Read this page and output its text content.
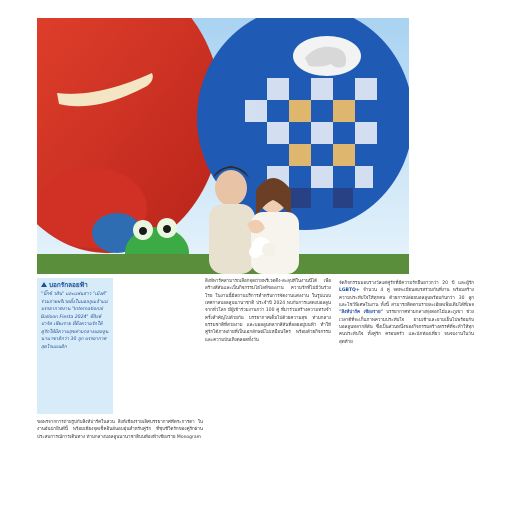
บอกรักลอยฟ้า

"บิ๊กซ์ วศิน" และแฟนสาว "เม้งค์" ร่วมถ่ายพรีเวดดิ้งในบอลลูนเจ้าแม่ บรรยากาศงาน "International Balloon Fiesta 2024" ที่สิงห์ปาร์ค เชียงราย ที่ดึงความรักให้คู่รักให้มีความสุขท่ามกลางบอลลูนนานาชาติกว่า 30 ลูก บรรยากาศสุดโรแมนติก

ขอพรจากการถ่ายรูปกับสิงห์ปาร์คในสวน สิงห์เชียงรายเลิศบรรยากาศที่ตระการตา ในงานอันน่ายินดีนี้ พร้อมเพียงจุดเช็คอินอันอบอุ่นสำหรับคู่รัก ที่ชุบชีวิตรักของคู่รักผ่านประสบการณ์การเดินทาง ท่ามกลางบอลลูนนานาชาติบนท้องฟ้าเชียงราย Monogram

สิงห์พาร์คสามารถเลือกจุดถ่ายพรีเวดดิ้ง-สะลุปที่ในงานนี้ได้ เพื่อสร้างสีสันและเป็นกิจกรรมไฮไลท์ของงาน ความรักที่ไม่มีวันร่วงโรย ในงานนี้มีสถานบริการสำหรับการจัดงานแต่งงาน ในรูปแบบเทศกาลบอลลูนนานาชาติ ประจำปี 2024 พบกับการแสดงบอลลูนจากทั่วโลก มีผู้เข้าร่วมงานกว่า 100 คู่ ที่มาร่วมสร้างความทรงจำครั้งสำคัญไปด้วยกัน บรรยากาศเต็มไปด้วยความสุข ท่ามกลางธรรมชาติที่สวยงาม และบอลลูนหลากสีสันที่ลอยอยู่บนฟ้า ทำให้คู่รักได้ภาพถ่ายที่เป็นเอกลักษณ์ไม่เหมือนใคร พร้อมด้วยกิจกรรมและความบันเทิงตลอดทั้งวัน

จัดกิจกรรมมอบรางวัลแด่คู่รักที่มีความรักยืนยาวกว่า 20 ปี และผู้รัก LGBTQ+ จำนวน 4 คู่ จดทะเบียนสมรสร่วมกันที่งาน พร้อมสร้างความประทับใจให้ทุกคน ด้วยการปล่อยบอลลูนพร้อมกันกว่า 30 ลูก และโชว์พิเศษในงาน ทั้งนี้ สามารถติดตามรายละเอียดเพิ่มเติมได้ที่เพจ "สิงห์ปาร์ค เชียงราย" บรรยากาศท่ามกลางทุ่งดอกไม้และภูเขา ช่วงเวลาดีที่จะเก็บภาพความประทับใจ ยามเช้าและยามเย็นไปพร้อมกับบอลลูนหลากสีสัน ซึ่งเป็นส่วนหนึ่งของกิจกรรมสร้างสรรค์ที่จะทำให้ทุกคนประทับใจ ทั้งคู่รัก ครอบครัว และนักท่องเที่ยว จนจบงานในวันสุดท้าย
